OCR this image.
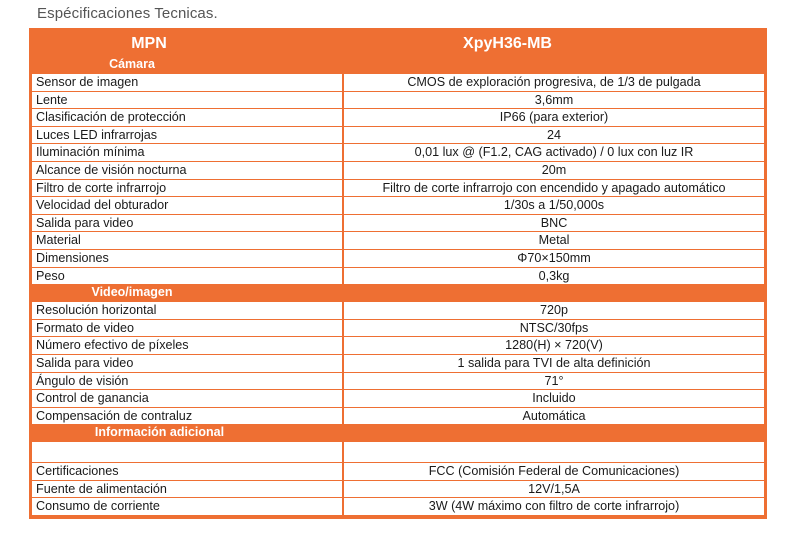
Espécificaciones Tecnicas.
MPN	XpyH36-MB
Cámara
Sensor de imagen	CMOS de exploración progresiva, de 1/3 de pulgada
Lente	3,6mm
Clasificación de protección	IP66 (para exterior)
Luces LED infrarrojas	24
Iluminación mínima	0,01 lux @ (F1.2, CAG activado) / 0 lux con luz IR
Alcance de visión nocturna	20m
Filtro de corte infrarrojo	Filtro de corte infrarrojo con encendido y apagado automático
Velocidad del obturador	1/30s a 1/50,000s
Salida para video	BNC
Material	Metal
Dimensiones	Φ70×150mm
Peso	0,3kg
Video/imagen
Resolución horizontal	720p
Formato de video	NTSC/30fps
Número efectivo de píxeles	1280(H) × 720(V)
Salida para video	1 salida para TVI de alta definición
Ángulo de visión	71°
Control de ganancia	Incluido
Compensación de contraluz	Automática
Información adicional
Certificaciones	FCC (Comisión Federal de Comunicaciones)
Fuente de alimentación	12V/1,5A
Consumo de corriente	3W (4W máximo con filtro de corte infrarrojo)
